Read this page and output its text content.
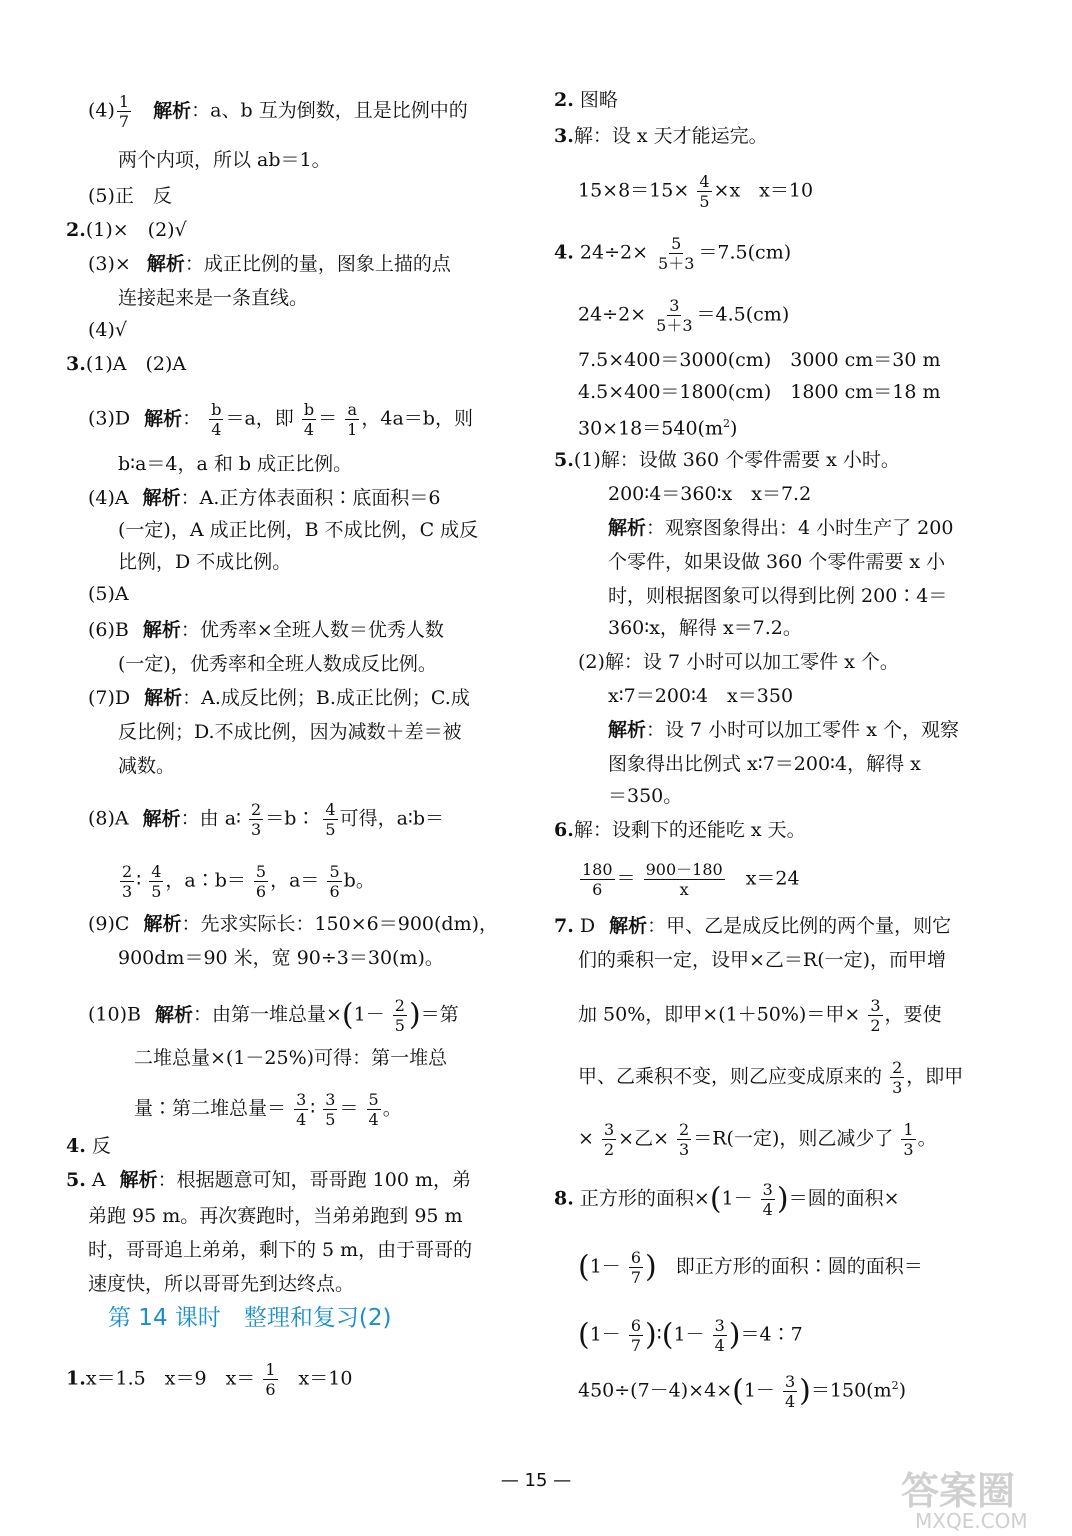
$(4) \frac{1}{7}$ 解析：a、b 互为倒数，且是比例中的
两个内项，所以 ab＝1。
(5)正　反
2.(1)×　(2)√
(3)× 解析：成正比例的量，图象上描的点
连接起来是一条直线。
(4)√
3.(1)A　(2)A
(3)D 解析： $\frac{b}{4} =a$，即 $\frac{b}{4} = \frac{a}{1}$ ，4a＝b，则
b∶a＝4，a 和 b 成正比例。
(4)A 解析：A.正方体表面积∶底面积＝6
(一定)，A 成正比例，B 不成比例，C 成反
比例，D 不成比例。
(5)A
(6)B 解析：优秀率×全班人数＝优秀人数
(一定)，优秀率和全班人数成反比例。
(7)D 解析：A.成反比例；B.成正比例；C.成
反比例；D.不成比例，因为减数＋差＝被
减数。
(8)A 解析：由 a∶ $\frac{2}{3}$ ＝b∶ $\frac{4}{5}$ 可得，a∶b＝
$\frac{2}{3}$ ∶ $\frac{4}{5}$ ，a∶b＝ $\frac{5}{6}$ ，$a= \frac{5}{6}$ b。
(9)C 解析：先求实际长：150×6＝900(dm)，
900dm＝90 米，宽 90÷3＝30(m)。
(10)B 解析：由第一堆总量$\times(1- \frac{2}{5}$ )＝第
二堆总量×(1－25%)可得：第一堆总
量∶第二堆总量＝ $\frac{3}{4}$ ∶ $\frac{3}{5} = \frac{5}{4}$ 。
4. 反
5. A 解析：根据题意可知，哥哥跑 100 m，弟
弟跑 95 m。再次赛跑时，当弟弟跑到 95 m
时，哥哥追上弟弟，剩下的 5 m，由于哥哥的
速度快，所以哥哥先到达终点。
第 14 课时　整理和复习(2)
1.x＝1.5　x＝9　$x= \frac{1}{6}$ 　x＝10
2. 图略
3.解：设 x 天才能运完。
$15\times 8=15\times \frac{4}{5} \times x$　x＝10
4. $24\div 2\times \frac{5}{5+3} =7.5(cm)$
$24\div 2\times \frac{3}{5+3} =4.5(cm)$
7.5×400＝3000(cm)　3000 cm＝30 m
4.5×400＝1800(cm)　1800 cm＝18 m
$30\times 18=540(m^2)$
5.(1)解：设做 360 个零件需要 x 小时。
200∶4＝360∶x　x＝7.2
解析：观察图象得出：4 小时生产了 200
个零件，如果设做 360 个零件需要 x 小
时，则根据图象可以得到比例 200∶4＝
360∶x，解得 x＝7.2。
(2)解：设 7 小时可以加工零件 x 个。
x∶7＝200∶4　x＝350
解析：设 7 小时可以加工零件 x 个，观察
图象得出比例式 x∶7＝200∶4，解得 x
＝350。
6.解：设剩下的还能吃 x 天。
$\frac{180}{6} = \frac{900-180}{x}$ 　x＝24
7. D 解析：甲、乙是成反比例的两个量，则它
们的乘积一定，设甲×乙＝R(一定)，而甲增
加 50%，即甲×(1＋50%)＝甲× $\frac{3}{2}$ ，要使
甲、乙乘积不变，则乙应变成原来的 $\frac{2}{3}$ ，即甲
× $\frac{3}{2}$ ×乙× $\frac{2}{3} =R$(一定)，则乙减少了 $\frac{1}{3}$ 。
8. 正方形的面积$\times(1- \frac{3}{4}$ )＝圆的面积×
($1- \frac{6}{7}$ )　即正方形的面积∶圆的面积＝
($1- \frac{6}{7}$ )∶(1－ $\frac{3}{4}$ )＝4∶7
$450\div(7-4)\times 4\times(1- \frac{3}{4} )=150(m^2)$
— 15 —	答案圈
MXQE.COM
